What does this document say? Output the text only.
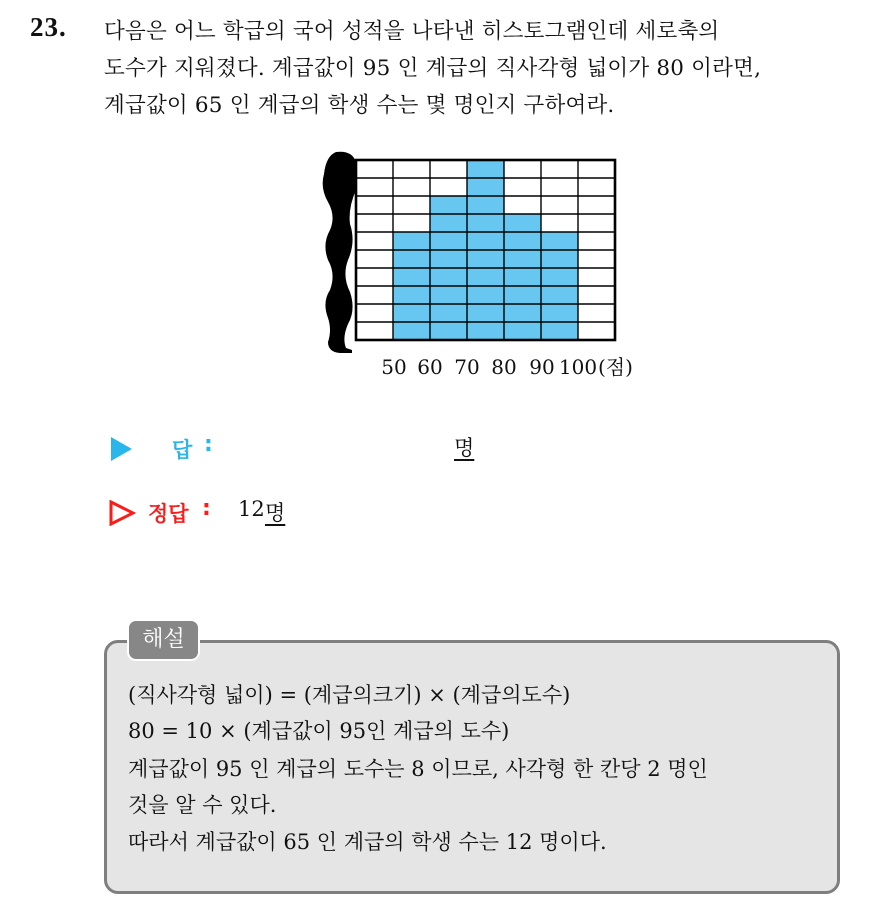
23. 다음은 어느 학급의 국어 성적을 나타낸 히스토그램인데 세로축의
도수가 지워졌다. 계급값이 95 인 계급의 직사각형 넓이가 80 이라면,
계급값이 65 인 계급의 학생 수는 몇 명인지 구하여라.
50 60 70 80 90 100 (점)
답 :	명
정답 : 12 명
해설
(직사각형 넓이) = (계급의크기) × (계급의도수)
80 = 10 × (계급값이 95인 계급의 도수)
계급값이 95 인 계급의 도수는 8 이므로, 사각형 한 칸당 2 명인
것을 알 수 있다.
따라서 계급값이 65 인 계급의 학생 수는 12 명이다.
